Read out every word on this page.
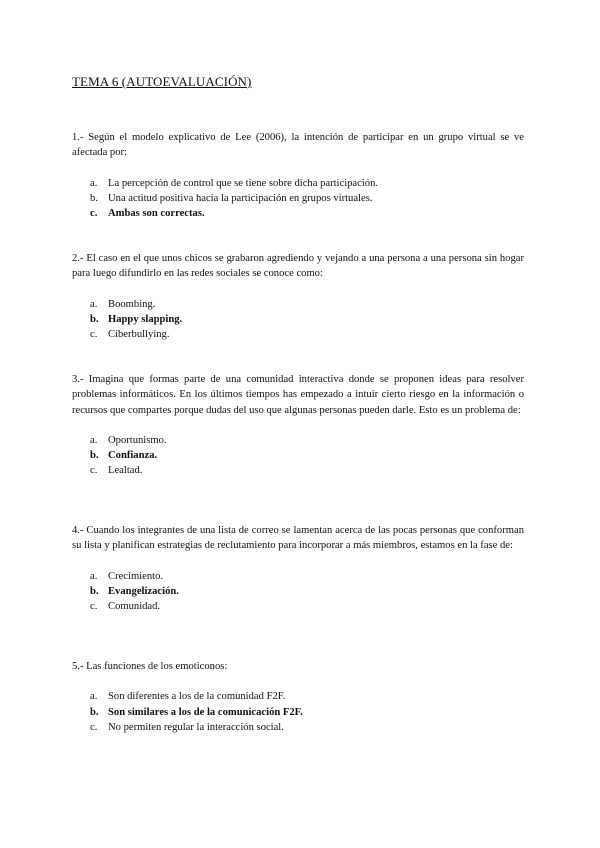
TEMA 6 (AUTOEVALUACIÓN)

1.- Según el modelo explicativo de Lee (2006), la intención de participar en un grupo virtual se ve afectada por:

a. La percepción de control que se tiene sobre dicha participación.
b. Una actitud positiva hacia la participación en grupos virtuales.
c. Ambas son correctas.

2.- El caso en el que unos chicos se grabaron agrediendo y vejando a una persona a una persona sin hogar para luego difundirlo en las redes sociales se conoce como:

a. Boombing.
b. Happy slapping.
c. Ciberbullying.

3.- Imagina que formas parte de una comunidad interactiva donde se proponen ideas para resolver problemas informáticos. En los últimos tiempos has empezado a intuir cierto riesgo en la información o recursos que compartes porque dudas del uso que algunas personas pueden darle. Esto es un problema de:

a. Oportunismo.
b. Confianza.
c. Lealtad.

4.- Cuando los integrantes de una lista de correo se lamentan acerca de las pocas personas que conforman su lista y planifican estrategias de reclutamiento para incorporar a más miembros, estamos en la fase de:

a. Crecimiento.
b. Evangelización.
c. Comunidad.

5.- Las funciones de los emoticonos:

a. Son diferentes a los de la comunidad F2F.
b. Son similares a los de la comunicación F2F.
c. No permiten regular la interacción social.
